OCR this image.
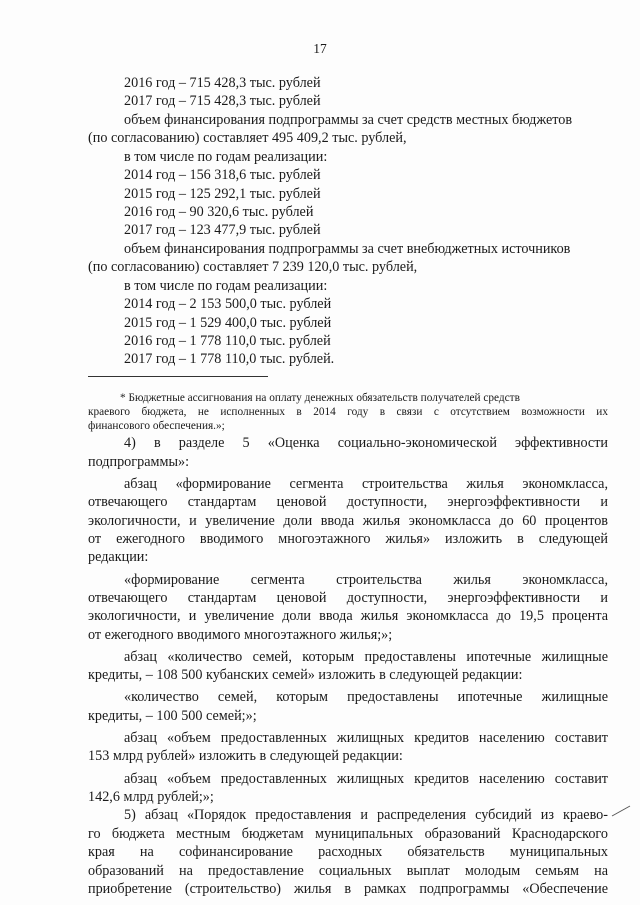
17
2016 год – 715 428,3 тыс. рублей
2017 год – 715 428,3 тыс. рублей
объем финансирования подпрограммы за счет средств местных бюджетов
(по согласованию) составляет 495 409,2 тыс. рублей,
в том числе по годам реализации:
2014 год – 156 318,6 тыс. рублей
2015 год – 125 292,1 тыс. рублей
2016 год – 90 320,6 тыс. рублей
2017 год – 123 477,9 тыс. рублей
объем финансирования подпрограммы за счет внебюджетных источников
(по согласованию) составляет 7 239 120,0 тыс. рублей,
в том числе по годам реализации:
2014 год – 2 153 500,0 тыс. рублей
2015 год – 1 529 400,0 тыс. рублей
2016 год – 1 778 110,0 тыс. рублей
2017 год – 1 778 110,0 тыс. рублей.
* Бюджетные ассигнования на оплату денежных обязательств получателей средств
краевого бюджета, не исполненных в 2014 году в связи с отсутствием возможности их
финансового обеспечения.»;
4) в разделе 5 «Оценка социально-экономической эффективности
подпрограммы»:
абзац «формирование сегмента строительства жилья экономкласса,
отвечающего стандартам ценовой доступности, энергоэффективности и
экологичности, и увеличение доли ввода жилья экономкласса до 60 процентов
от ежегодного вводимого многоэтажного жилья» изложить в следующей
редакции:
«формирование сегмента строительства жилья экономкласса,
отвечающего стандартам ценовой доступности, энергоэффективности и
экологичности, и увеличение доли ввода жилья экономкласса до 19,5 процента
от ежегодного вводимого многоэтажного жилья;»;
абзац «количество семей, которым предоставлены ипотечные жилищные
кредиты, – 108 500 кубанских семей» изложить в следующей редакции:
«количество семей, которым предоставлены ипотечные жилищные
кредиты, – 100 500 семей;»;
абзац «объем предоставленных жилищных кредитов населению составит
153 млрд рублей» изложить в следующей редакции:
абзац «объем предоставленных жилищных кредитов населению составит
142,6 млрд рублей;»;
5) абзац «Порядок предоставления и распределения субсидий из краево-
го бюджета местным бюджетам муниципальных образований Краснодарского
края на софинансирование расходных обязательств муниципальных
образований на предоставление социальных выплат молодым семьям на
приобретение (строительство) жилья в рамках подпрограммы «Обеспечение
